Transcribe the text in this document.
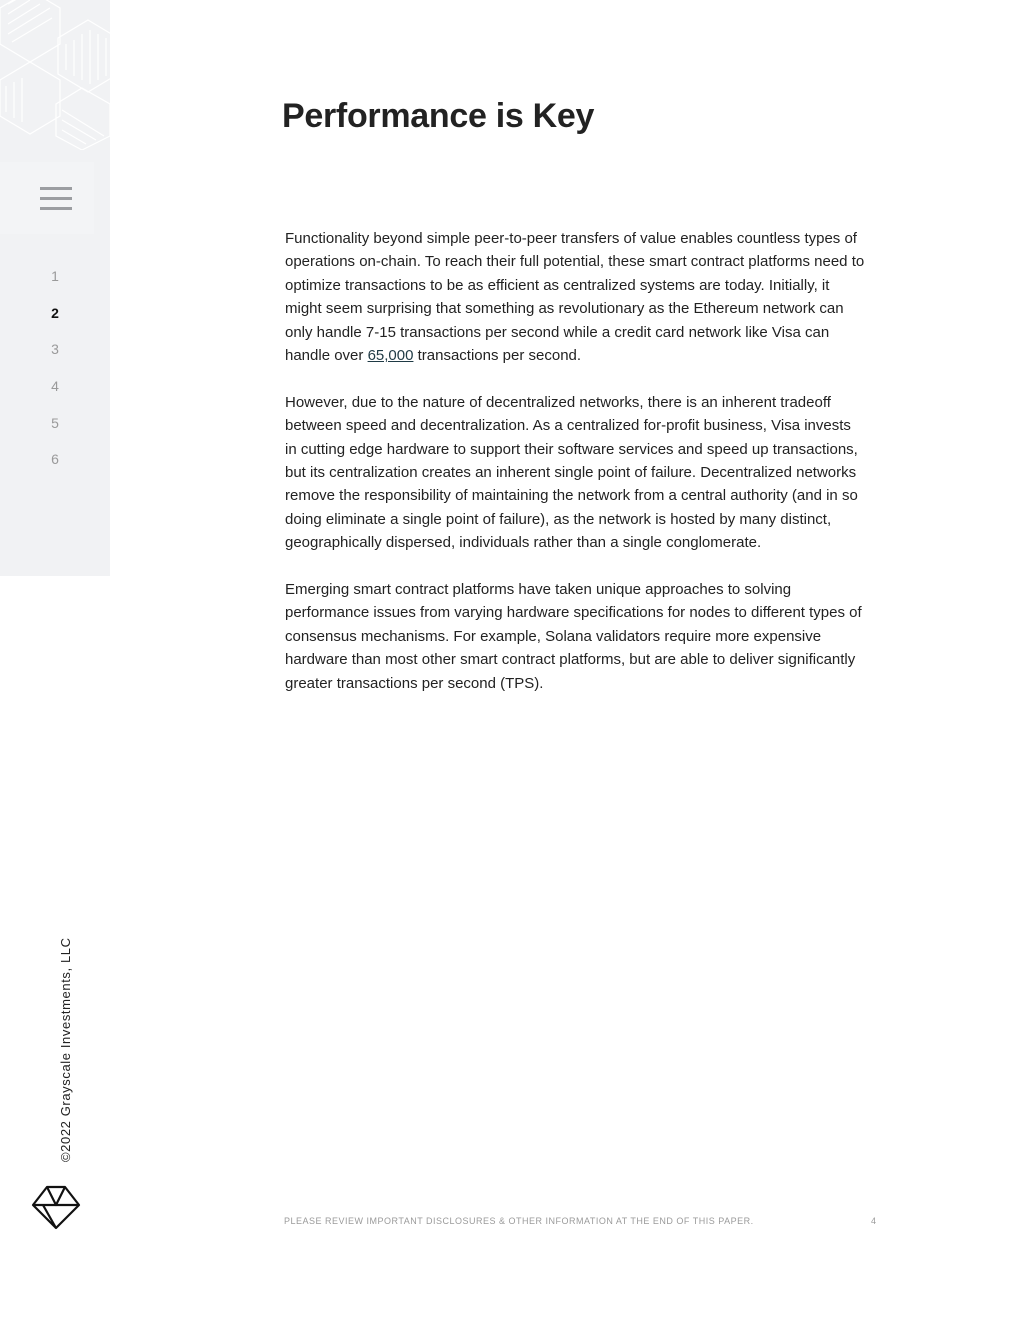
1
2
3
4
5
6
©2022 Grayscale Investments, LLC
Performance is Key

Functionality beyond simple peer-to-peer transfers of value enables countless types of operations on-chain. To reach their full potential, these smart contract platforms need to optimize transactions to be as efficient as centralized systems are today. Initially, it might seem surprising that something as revolutionary as the Ethereum network can only handle 7-15 transactions per second while a credit card network like Visa can handle over 65,000 transactions per second.

However, due to the nature of decentralized networks, there is an inherent tradeoff between speed and decentralization. As a centralized for-profit business, Visa invests in cutting edge hardware to support their software services and speed up transactions, but its centralization creates an inherent single point of failure. Decentralized networks remove the responsibility of maintaining the network from a central authority (and in so doing eliminate a single point of failure), as the network is hosted by many distinct, geographically dispersed, individuals rather than a single conglomerate.

Emerging smart contract platforms have taken unique approaches to solving performance issues from varying hardware specifications for nodes to different types of consensus mechanisms. For example, Solana validators require more expensive hardware than most other smart contract platforms, but are able to deliver significantly greater transactions per second (TPS).

PLEASE REVIEW IMPORTANT DISCLOSURES & OTHER INFORMATION AT THE END OF THIS PAPER.	4
